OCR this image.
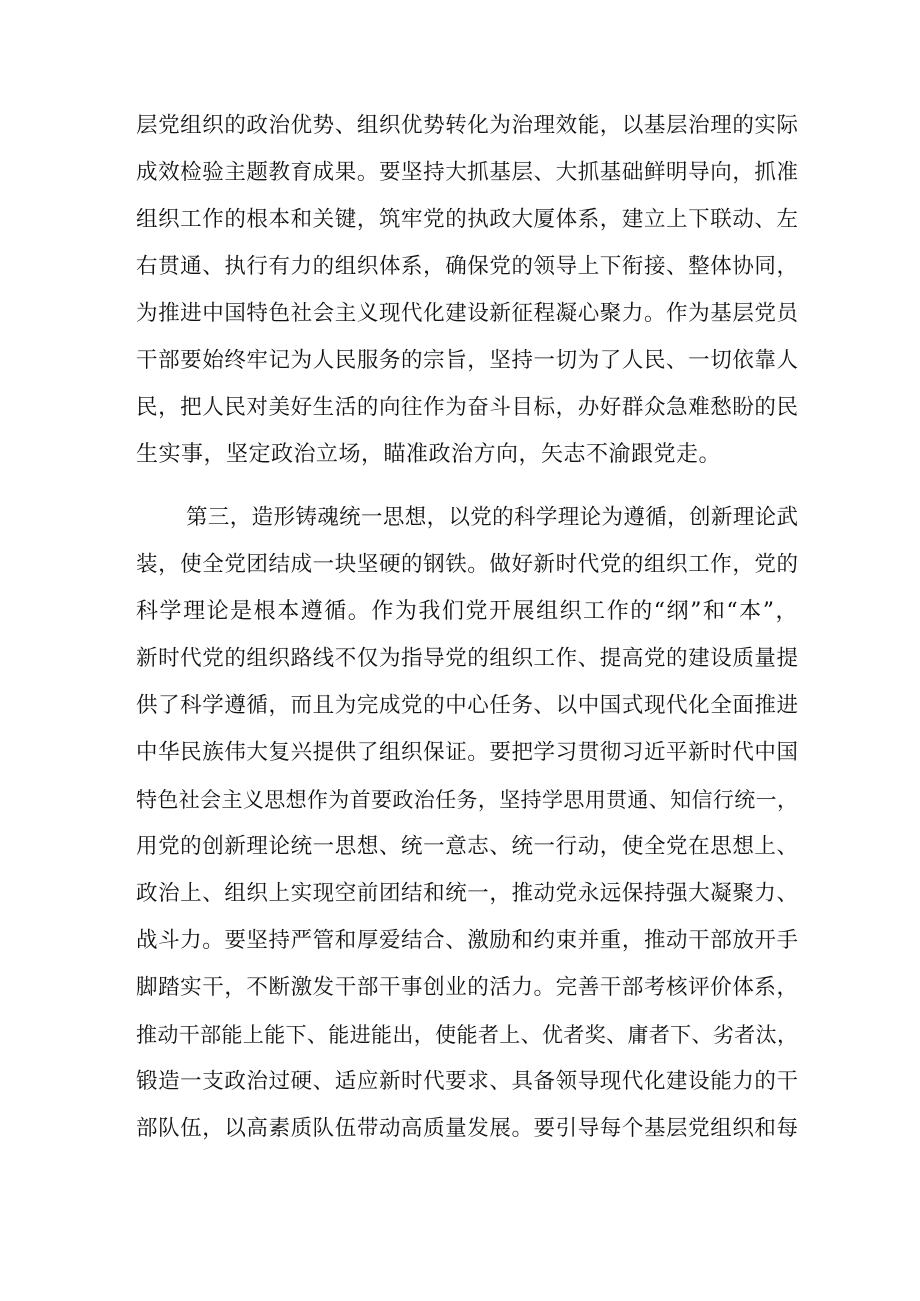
层党组织的政治优势、组织优势转化为治理效能，以基层治理的实际
成效检验主题教育成果。要坚持大抓基层、大抓基础鲜明导向，抓准
组织工作的根本和关键，筑牢党的执政大厦体系，建立上下联动、左
右贯通、执行有力的组织体系，确保党的领导上下衔接、整体协同，
为推进中国特色社会主义现代化建设新征程凝心聚力。作为基层党员
干部要始终牢记为人民服务的宗旨，坚持一切为了人民、一切依靠人
民，把人民对美好生活的向往作为奋斗目标，办好群众急难愁盼的民
生实事，坚定政治立场，瞄准政治方向，矢志不渝跟党走。
第三，造形铸魂统一思想，以党的科学理论为遵循，创新理论武
装，使全党团结成一块坚硬的钢铁。做好新时代党的组织工作，党的
科学理论是根本遵循。作为我们党开展组织工作的“纲”和“本”，
新时代党的组织路线不仅为指导党的组织工作、提高党的建设质量提
供了科学遵循，而且为完成党的中心任务、以中国式现代化全面推进
中华民族伟大复兴提供了组织保证。要把学习贯彻习近平新时代中国
特色社会主义思想作为首要政治任务，坚持学思用贯通、知信行统一，
用党的创新理论统一思想、统一意志、统一行动，使全党在思想上、
政治上、组织上实现空前团结和统一，推动党永远保持强大凝聚力、
战斗力。要坚持严管和厚爱结合、激励和约束并重，推动干部放开手
脚踏实干，不断激发干部干事创业的活力。完善干部考核评价体系，
推动干部能上能下、能进能出，使能者上、优者奖、庸者下、劣者汰，
锻造一支政治过硬、适应新时代要求、具备领导现代化建设能力的干
部队伍，以高素质队伍带动高质量发展。要引导每个基层党组织和每
